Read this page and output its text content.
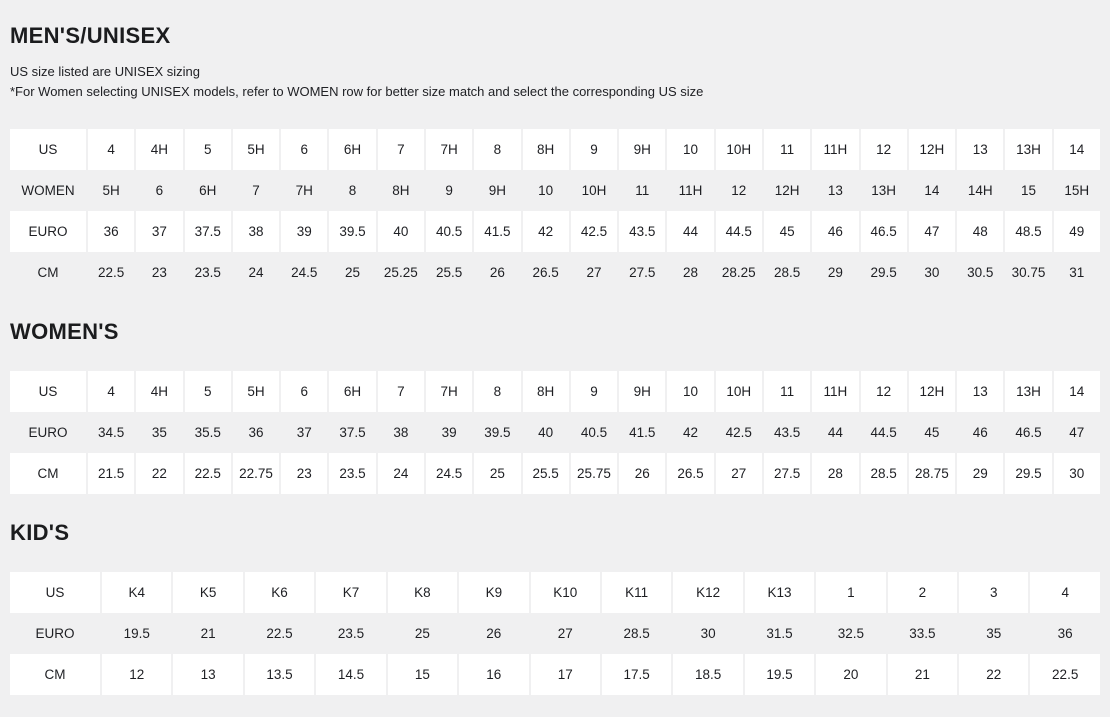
MEN'S/UNISEX

US size listed are UNISEX sizing

*For Women selecting UNISEX models, refer to WOMEN row for better size match and select the corresponding US size

US	4	4H	5	5H	6	6H	7	7H	8	8H	9	9H	10	10H	11	11H	12	12H	13	13H	14
WOMEN	5H	6	6H	7	7H	8	8H	9	9H	10	10H	11	11H	12	12H	13	13H	14	14H	15	15H
EURO	36	37	37.5	38	39	39.5	40	40.5	41.5	42	42.5	43.5	44	44.5	45	46	46.5	47	48	48.5	49
CM	22.5	23	23.5	24	24.5	25	25.25	25.5	26	26.5	27	27.5	28	28.25	28.5	29	29.5	30	30.5	30.75	31
WOMEN'S
US	4	4H	5	5H	6	6H	7	7H	8	8H	9	9H	10	10H	11	11H	12	12H	13	13H	14
EURO	34.5	35	35.5	36	37	37.5	38	39	39.5	40	40.5	41.5	42	42.5	43.5	44	44.5	45	46	46.5	47
CM	21.5	22	22.5	22.75	23	23.5	24	24.5	25	25.5	25.75	26	26.5	27	27.5	28	28.5	28.75	29	29.5	30
KID'S
US	K4	K5	K6	K7	K8	K9	K10	K11	K12	K13	1	2	3	4
EURO	19.5	21	22.5	23.5	25	26	27	28.5	30	31.5	32.5	33.5	35	36
CM	12	13	13.5	14.5	15	16	17	17.5	18.5	19.5	20	21	22	22.5
